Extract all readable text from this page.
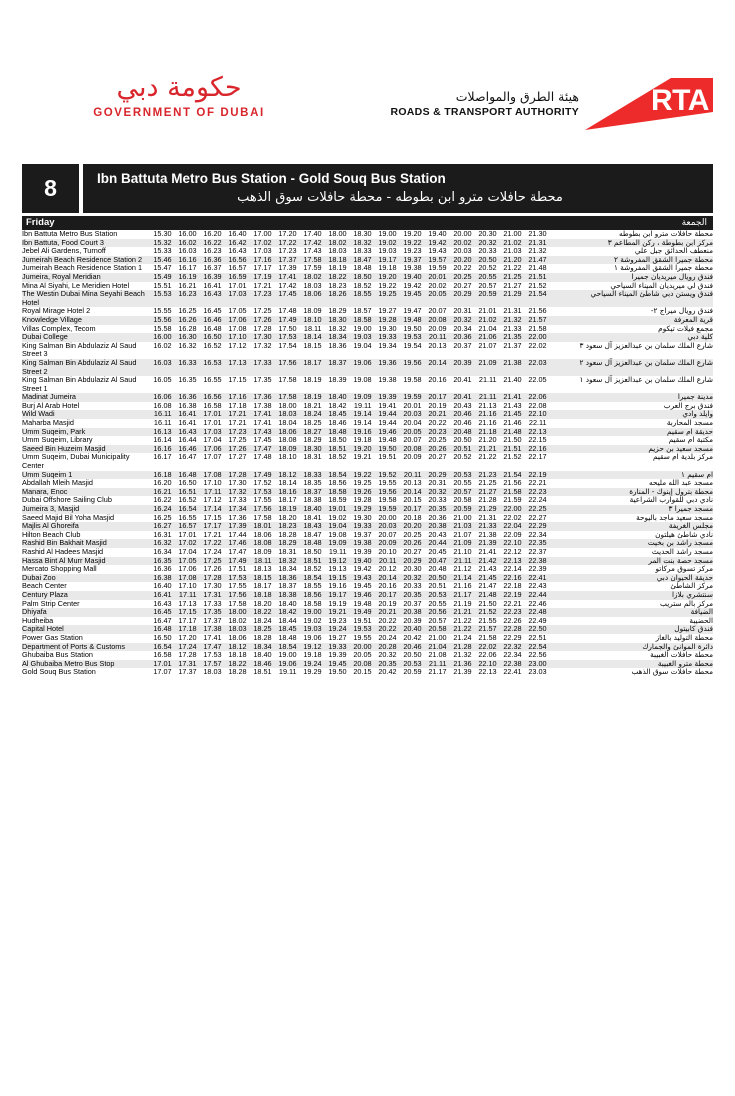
حكومة دبي
GOVERNMENT OF DUBAI
هيئة الطرق والمواصلات
ROADS & TRANSPORT AUTHORITY RTA
8	Ibn Battuta Metro Bus Station - Gold Souq Bus Station
محطة حافلات مترو ابن بطوطه - محطة حافلات سوق الذهب
Friday	الجمعة
Ibn Battuta Metro Bus Station	15.30 16.00 16.20 16.40 17.00 17.20 17.40 18.00 18.30 19.00 19.20 19.40 20.00 20.30 21.00 21.30	محطة حافلات مترو ابن بطوطه
Ibn Battuta, Food Court 3	15.32 16.02 16.22 16.42 17.02 17.22 17.42 18.02 18.32 19.02 19.22 19.42 20.02 20.32 21.02 21.31	مركز ابن بطوطة ، ركن المطاعم ٣
Jebel Ali Gardens, Turnoff	15.33 16.03 16.23 16.43 17.03 17.23 17.43 18.03 18.33 19.03 19.23 19.43 20.03 20.33 21.03 21.32	منعطف الحدائق جبل علي
Jumeirah Beach Residence Station 2	15.46 16.16 16.36 16.56 17.16 17.37 17.58 18.18 18.47 19.17 19.37 19.57 20.20 20.50 21.20 21.47	محطة جميرا الشقق المفروشة ٢
Jumeirah Beach Residence Station 1	15.47 16.17 16.37 16.57 17.17 17.39 17.59 18.19 18.48 19.18 19.38 19.59 20.22 20.52 21.22 21.48	محطة جميرا الشقق المفروشة ١
Jumeira, Royal Meridian	15.49 16.19 16.39 16.59 17.19 17.41 18.02 18.22 18.50 19.20 19.40 20.01 20.25 20.55 21.25 21.51	فندق رويال ميريديان جميرا
Mina Al Siyahi, Le Meridien Hotel	15.51 16.21 16.41 17.01 17.21 17.42 18.03 18.23 18.52 19.22 19.42 20.02 20.27 20.57 21.27 21.52	فندق لي ميريديان الميناء السياحي
The Westin Dubai Mina Seyahi Beach Hotel	
15.53 16.23 16.43 17.03 17.23 17.45 18.06 18.26 18.55 19.25 19.45 20.05 20.29 20.59 21.29 21.54	فندق ويستن دبي شاطئ الميناء السياحي
Royal Mirage Hotel 2	15.55 16.25 16.45 17.05 17.25 17.48 18.09 18.29 18.57 19.27 19.47 20.07 20.31 21.01 21.31 21.56	فندق رويال ميراج ٢-
Knowledge Village	15.56 16.26 16.46 17.06 17.26 17.49 18.10 18.30 18.58 19.28 19.48 20.08 20.32 21.02 21.32 21.57	قرية المعرفة
Villas Complex, Tecom	15.58 16.28 16.48 17.08 17.28 17.50 18.11 18.32 19.00 19.30 19.50 20.09 20.34 21.04 21.33 21.58	مجمع فيلات تيكوم
Dubai College	16.00 16.30 16.50 17.10 17.30 17.53 18.14 18.34 19.03 19.33 19.53 20.11 20.36 21.06 21.35 22.00	كلية دبي
King Salman Bin Abdulaziz Al Saud Street 3	
16.02 16.32 16.52 17.12 17.32 17.54 18.15 18.36 19.04 19.34 19.54 20.13 20.37 21.07 21.37 22.02	شارع الملك سلمان بن عبدالعزيز آل سعود ٣
King Salman Bin Abdulaziz Al Saud Street 2	
16.03 16.33 16.53 17.13 17.33 17.56 18.17 18.37 19.06 19.36 19.56 20.14 20.39 21.09 21.38 22.03	شارع الملك سلمان بن عبدالعزيز آل سعود ٢
King Salman Bin Abdulaziz Al Saud Street 1	
16.05 16.35 16.55 17.15 17.35 17.58 18.19 18.39 19.08 19.38 19.58 20.16 20.41 21.11 21.40 22.05	شارع الملك سلمان بن عبدالعزيز آل سعود ١
Madinat Jumeira	16.06 16.36 16.56 17.16 17.36 17.58 18.19 18.40 19.09 19.39 19.59 20.17 20.41 21.11 21.41 22.06	مدينة جميرا
Burj Al Arab Hotel	16.08 16.38 16.58 17.18 17.38 18.00 18.21 18.42 19.11 19.41 20.01 20.19 20.43 21.13 21.43 22.08	فندق برج العرب
Wild Wadi	16.11 16.41 17.01 17.21 17.41 18.03 18.24 18.45 19.14 19.44 20.03 20.21 20.46 21.16 21.45 22.10	وايلد وادي
Maharba Masjid	16.11 16.41 17.01 17.21 17.41 18.04 18.25 18.46 19.14 19.44 20.04 20.22 20.46 21.16 21.46 22.11	مسجد المحاربة
Umm Suqeim, Park	16.13 16.43 17.03 17.23 17.43 18.06 18.27 18.48 19.16 19.46 20.05 20.23 20.48 21.18 21.48 22.13	حديقة ام سقيم
Umm Suqeim, Library	16.14 16.44 17.04 17.25 17.45 18.08 18.29 18.50 19.18 19.48 20.07 20.25 20.50 21.20 21.50 22.15	مكتبة ام سقيم
Saeed Bin Huzeim Masjid	16.16 16.46 17.06 17.26 17.47 18.09 18.30 18.51 19.20 19.50 20.08 20.26 20.51 21.21 21.51 22.16	مسجد سعيد بن حزيم
Umm Suqeim, Dubai Municipality Center	
16.17 16.47 17.07 17.27 17.48 18.10 18.31 18.52 19.21 19.51 20.09 20.27 20.52 21.22 21.52 22.17	مركز بلدية ام سقيم
Umm Suqeim 1	16.18 16.48 17.08 17.28 17.49 18.12 18.33 18.54 19.22 19.52 20.11 20.29 20.53 21.23 21.54 22.19	ام سقيم ١
Abdallah Mleih Masjid	16.20 16.50 17.10 17.30 17.52 18.14 18.35 18.56 19.25 19.55 20.13 20.31 20.55 21.25 21.56 22.21	مسجد عبد الله مليحه
Manara, Enoc	16.21 16.51 17.11 17.32 17.53 18.16 18.37 18.58 19.26 19.56 20.14 20.32 20.57 21.27 21.58 22.23	محطة بترول إينوك - المنارة
Dubai Offshore Sailing Club	16.22 16.52 17.12 17.33 17.55 18.17 18.38 18.59 19.28 19.58 20.15 20.33 20.58 21.28 21.59 22.24	نادي دبي للقوارب الشراعية
Jumeira 3, Masjid	16.24 16.54 17.14 17.34 17.56 18.19 18.40 19.01 19.29 19.59 20.17 20.35 20.59 21.29 22.00 22.25	مسجد جميرا ٣
Saeed Majid Bil Yoha Masjid	16.25 16.55 17.15 17.36 17.58 18.20 18.41 19.02 19.30 20.00 20.18 20.36 21.00 21.31 22.02 22.27	مسجد سعيد ماجد باليوحة
Majlis Al Ghoreifa	16.27 16.57 17.17 17.39 18.01 18.23 18.43 19.04 19.33 20.03 20.20 20.38 21.03 21.33 22.04 22.29	مجلس الغريفة
Hilton Beach Club	16.31 17.01 17.21 17.44 18.06 18.28 18.47 19.08 19.37 20.07 20.25 20.43 21.07 21.38 22.09 22.34	نادي شاطئ هيلتون
Rashid Bin Bakhait Masjid	16.32 17.02 17.22 17.46 18.08 18.29 18.48 19.09 19.38 20.09 20.26 20.44 21.09 21.39 22.10 22.35	مسجد راشد بن بخيت
Rashid Al Hadees Masjid	16.34 17.04 17.24 17.47 18.09 18.31 18.50 19.11 19.39 20.10 20.27 20.45 21.10 21.41 22.12 22.37	مسجد راشد الحديث
Hassa Bint Al Murr Masjid	16.35 17.05 17.25 17.49 18.11 18.32 18.51 19.12 19.40 20.11 20.29 20.47 21.11 21.42 22.13 22.38	مسجد حصة بنت المر
Mercato Shopping Mall	16.36 17.06 17.26 17.51 18.13 18.34 18.52 19.13 19.42 20.12 20.30 20.48 21.12 21.43 22.14 22.39	مركز تسوق مركاتو
Dubai Zoo	16.38 17.08 17.28 17.53 18.15 18.36 18.54 19.15 19.43 20.14 20.32 20.50 21.14 21.45 22.16 22.41	حديقة الحيوان دبي
Beach Center	16.40 17.10 17.30 17.55 18.17 18.37 18.55 19.16 19.45 20.16 20.33 20.51 21.16 21.47 22.18 22.43	مركز الشاطئ
Century Plaza	16.41 17.11 17.31 17.56 18.18 18.38 18.56 19.17 19.46 20.17 20.35 20.53 21.17 21.48 22.19 22.44	سنتشري بلازا
Palm Strip Center	16.43 17.13 17.33 17.58 18.20 18.40 18.58 19.19 19.48 20.19 20.37 20.55 21.19 21.50 22.21 22.46	مركز بالم ستريب
Dhiyafa	16.45 17.15 17.35 18.00 18.22 18.42 19.00 19.21 19.49 20.21 20.38 20.56 21.21 21.52 22.23 22.48	الضيافة
Hudheiba	16.47 17.17 17.37 18.02 18.24 18.44 19.02 19.23 19.51 20.22 20.39 20.57 21.22 21.55 22.26 22.49	الحضيبة
Capital Hotel	16.48 17.18 17.38 18.03 18.25 18.45 19.03 19.24 19.53 20.22 20.40 20.58 21.22 21.57 22.28 22.50	فندق كابيتول
Power Gas Station	16.50 17.20 17.41 18.06 18.28 18.48 19.06 19.27 19.55 20.24 20.42 21.00 21.24 21.58 22.29 22.51	محطة التوليد بالغاز
Department of Ports & Customs	16.54 17.24 17.47 18.12 18.34 18.54 19.12 19.33 20.00 20.28 20.46 21.04 21.28 22.02 22.32 22.54	دائرة الموانئ والجمارك
Ghubaiba Bus Station	16.58 17.28 17.53 18.18 18.40 19.00 19.18 19.39 20.05 20.32 20.50 21.08 21.32 22.06 22.34 22.56	محطة حافلات الغبيبة
Al Ghubaiba Metro Bus Stop	17.01 17.31 17.57 18.22 18.46 19.06 19.24 19.45 20.08 20.35 20.53 21.11 21.36 22.10 22.38 23.00	محطة مترو الغبيبة
Gold Souq Bus Station	17.07 17.37 18.03 18.28 18.51 19.11 19.29 19.50 20.15 20.42 20.59 21.17 21.39 22.13 22.41 23.03	محطة حافلات سوق الذهب
